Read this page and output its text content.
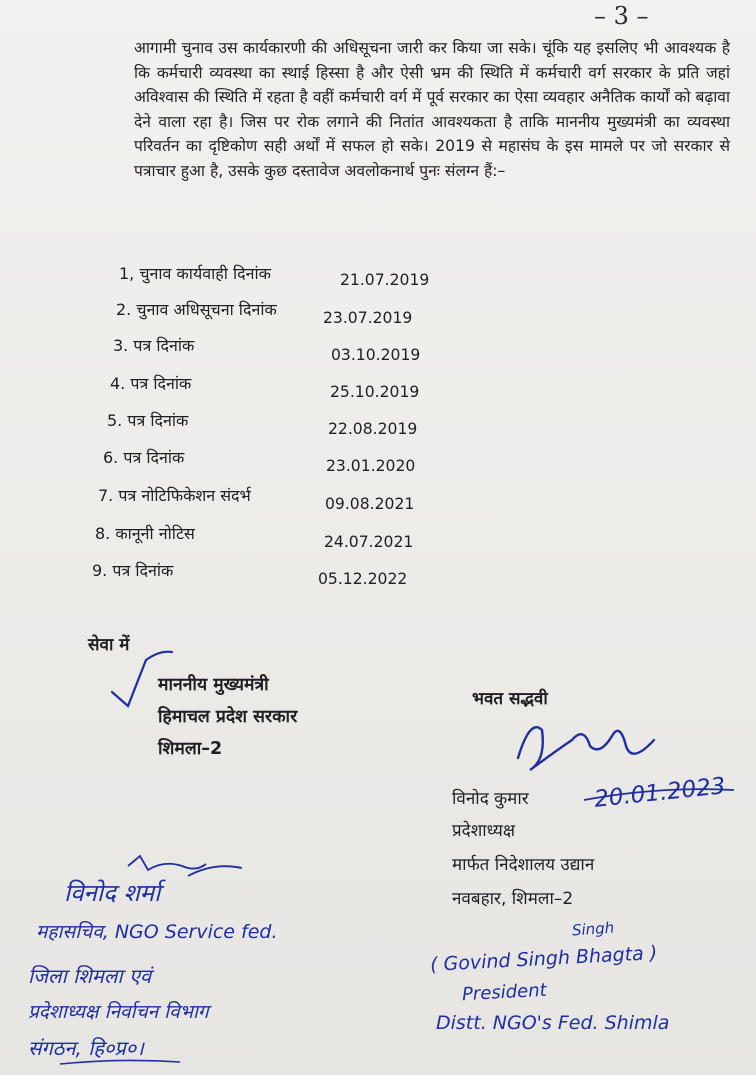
– 3 –

आगामी चुनाव उस कार्यकारणी की अधिसूचना जारी कर किया जा सके। चूंकि यह इसलिए भी आवश्यक है कि कर्मचारी व्यवस्था का स्थाई हिस्सा है और ऐसी भ्रम की स्थिति में कर्मचारी वर्ग सरकार के प्रति जहां अविश्वास की स्थिति में रहता है वहीं कर्मचारी वर्ग में पूर्व सरकार का ऐसा व्यवहार अनैतिक कार्यों को बढ़ावा देने वाला रहा है। जिस पर रोक लगाने की नितांत आवश्यकता है ताकि माननीय मुख्यमंत्री का व्यवस्था परिवर्तन का दृष्टिकोण सही अर्थों में सफल हो सके। 2019 से महासंघ के इस मामले पर जो सरकार से पत्राचार हुआ है, उसके कुछ दस्तावेज अवलोकनार्थ पुनः संलग्न हैं:–

1, चुनाव कार्यवाही दिनांक	21.07.2019
2. चुनाव अधिसूचना दिनांक	23.07.2019
3. पत्र दिनांक	03.10.2019
4. पत्र दिनांक	25.10.2019
5. पत्र दिनांक	22.08.2019
6. पत्र दिनांक	23.01.2020
7. पत्र नोटिफिकेशन संदर्भ	09.08.2021
8. कानूनी नोटिस	24.07.2021
9. पत्र दिनांक	05.12.2022
सेवा में
माननीय मुख्यमंत्री
हिमाचल प्रदेश सरकार
शिमला–2
भवत सद्भवी
विनोद कुमार
प्रदेशाध्यक्ष
मार्फत निदेशालय उद्यान
नवबहार, शिमला–2
20.01.2023
विनोद शर्मा
महासचिव, NGO Service fed.
जिला शिमला एवं
प्रदेशाध्यक्ष निर्वाचन विभाग
संगठन, हि०प्र०।
Singh
( Govind Singh Bhagta )
President
Distt. NGO's Fed. Shimla
